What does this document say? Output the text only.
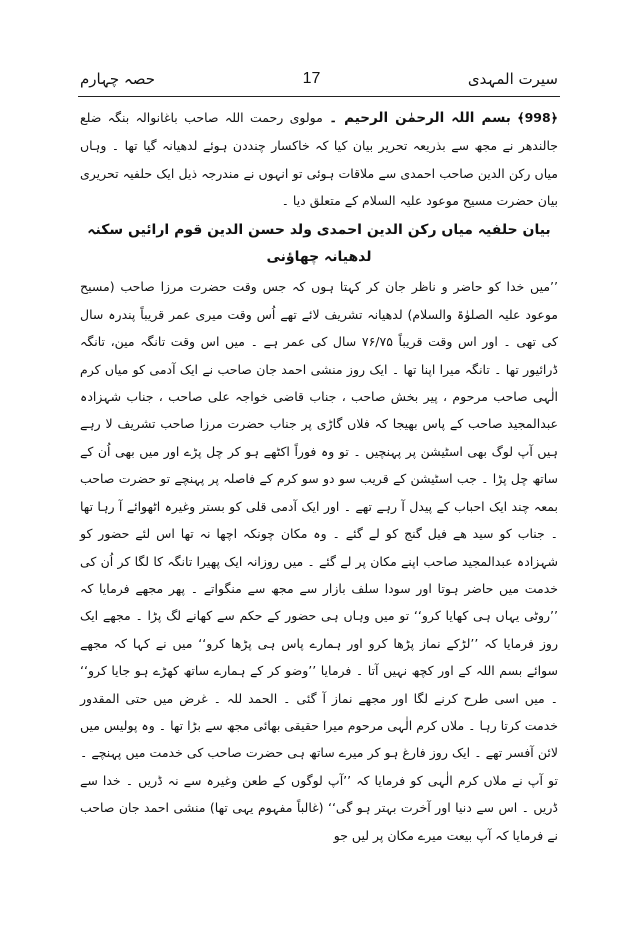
حصہ چہارم	17	سیرت المہدی

﴿998﴾ بسم اللہ الرحمٰن الرحیم ۔ مولوی رحمت اللہ صاحب باغانوالہ بنگہ ضلع جالندھر نے مجھ سے بذریعہ تحریر بیان کیا کہ خاکسار چنددن ہوئے لدھیانہ گیا تھا ۔ وہاں میاں رکن الدین صاحب احمدی سے ملاقات ہوئی تو انہوں نے مندرجہ ذیل ایک حلفیہ تحریری بیان حضرت مسیح موعود علیہ السلام کے متعلق دیا ۔

بیان حلفیہ میاں رکن الدین احمدی ولد حسن الدین قوم ارائیں سکنہ لدھیانہ چھاؤنی

’’میں خدا کو حاضر و ناظر جان کر کہتا ہوں کہ جس وقت حضرت مرزا صاحب (مسیح موعود علیہ الصلوٰۃ والسلام) لدھیانہ تشریف لائے تھے اُس وقت میری عمر قریباً پندرہ سال کی تھی ۔ اور اس وقت قریباً ۷۶/۷۵ سال کی عمر ہے ۔ میں اس وقت تانگہ مین، تانگہ ڈرائیور تھا ۔ تانگہ میرا اپنا تھا ۔ ایک روز منشی احمد جان صاحب نے ایک آدمی کو میاں کرم الٰہی صاحب مرحوم ، پیر بخش صاحب ، جناب قاضی خواجہ علی صاحب ، جناب شہزادہ عبدالمجید صاحب کے پاس بھیجا کہ فلاں گاڑی پر جناب حضرت مرزا صاحب تشریف لا رہے ہیں آپ لوگ بھی اسٹیشن پر پہنچیں ۔ تو وہ فوراً اکٹھے ہو کر چل پڑے اور میں بھی اُن کے ساتھ چل پڑا ۔ جب اسٹیشن کے قریب سو دو سو کرم کے فاصلہ پر پہنچے تو حضرت صاحب بمعہ چند ایک احباب کے پیدل آ رہے تھے ۔ اور ایک آدمی قلی کو بستر وغیرہ اٹھوائے آ رہا تھا ۔ جناب کو سید ھے فیل گنج کو لے گئے ۔ وہ مکان چونکہ اچھا نہ تھا اس لئے حضور کو شہزادہ عبدالمجید صاحب اپنے مکان پر لے گئے ۔ میں روزانہ ایک پھیرا تانگہ کا لگا کر اُن کی خدمت میں حاضر ہوتا اور سودا سلف بازار سے مجھ سے منگواتے ۔ پھر مجھے فرمایا کہ ’’روٹی یہاں ہی کھایا کرو‘‘ تو میں وہاں ہی حضور کے حکم سے کھانے لگ پڑا ۔ مجھے ایک روز فرمایا کہ ’’لڑکے نماز پڑھا کرو اور ہمارے پاس ہی پڑھا کرو‘‘ میں نے کہا کہ مجھے سوائے بسم اللہ کے اور کچھ نہیں آتا ۔ فرمایا ’’وضو کر کے ہمارے ساتھ کھڑے ہو جایا کرو‘‘ ۔ میں اسی طرح کرنے لگا اور مجھے نماز آ گئی ۔ الحمد للہ ۔ غرض میں حتی المقدور خدمت کرتا رہا ۔ ملاں کرم الٰہی مرحوم میرا حقیقی بھائی مجھ سے بڑا تھا ۔ وہ پولیس میں لائن آفسر تھے ۔ ایک روز فارغ ہو کر میرے ساتھ ہی حضرت صاحب کی خدمت میں پہنچے ۔ تو آپ نے ملاں کرم الٰہی کو فرمایا کہ ’’آپ لوگوں کے طعن وغیرہ سے نہ ڈریں ۔ خدا سے ڈریں ۔ اس سے دنیا اور آخرت بہتر ہو گی‘‘ (غالباً مفہوم یہی تھا) منشی احمد جان صاحب نے فرمایا کہ آپ بیعت میرے مکان پر لیں جو
